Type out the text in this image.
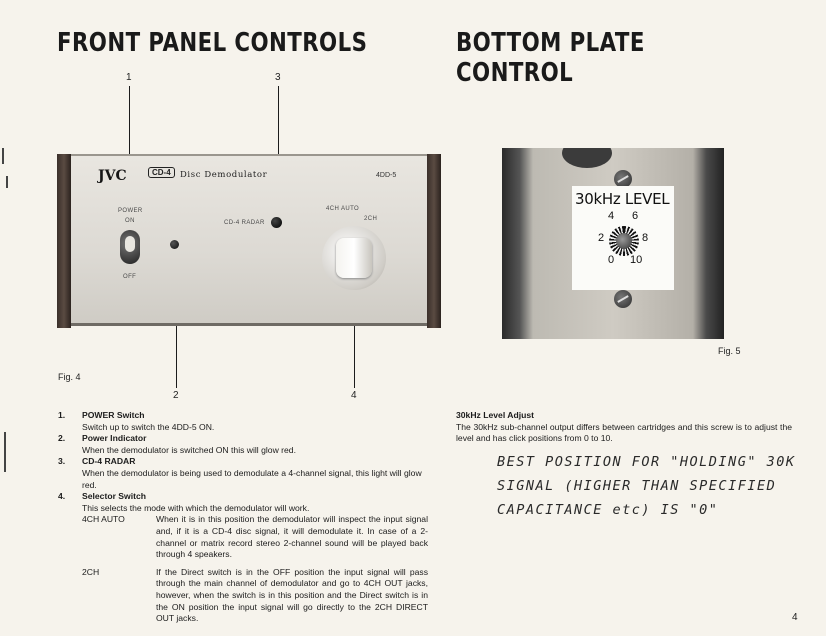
FRONT PANEL CONTROLS	BOTTOM PLATE CONTROL
1	3
2	4
JVC	CD-4	Disc Demodulator	4DD-5
POWER
ON
OFF
CD-4 RADAR
4CH AUTO
2CH
Fig. 4
30kHz LEVEL
4 6
2	8
0 10
Fig. 5
1.	POWER Switch
Switch up to switch the 4DD-5 ON.
2.	Power Indicator
When the demodulator is switched ON this will glow red.
3.	CD-4 RADAR
When the demodulator is being used to demodulate a 4-channel signal, this light will glow red.
4.	Selector Switch
This selects the mode with which the demodulator will work.
4CH AUTO	When it is in this position the demodulator will inspect the input signal and, if it is a CD-4 disc signal, it will demodulate it. In case of a 2-channel or matrix record stereo 2-channel sound will be played back through 4 speakers.
2CH	If the Direct switch is in the OFF position the input signal will pass through the main channel of demodulator and go to 4CH OUT jacks, however, when the switch is in this position and the Direct switch is in the ON position the input signal will go directly to the 2CH DIRECT OUT jacks.
30kHz Level Adjust
The 30kHz sub-channel output differs between cartridges and this screw is to adjust the level and has click positions from 0 to 10.
BEST POSITION FOR "HOLDING" 30K
SIGNAL (HIGHER THAN SPECIFIED
CAPACITANCE etc) IS "0"
4
